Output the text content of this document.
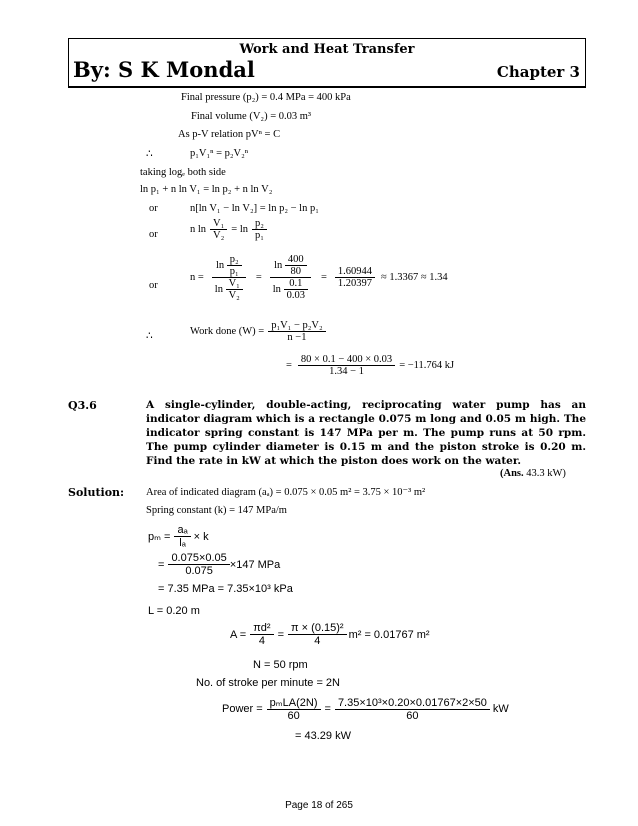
Work and Heat Transfer
By: S K Mondal	Chapter 3
Final pressure (p₂) = 0.4 MPa = 400 kPa
Final volume (V₂) = 0.03 m³
As p-V relation pVⁿ = C
∴	p₁V₁ⁿ = p₂V₂ⁿ
taking logₑ both side
ln p₁ + n ln V₁ = ln p₂ + n ln V₂
or	n[ln V₁ − ln V₂] = ln p₂ − ln p₁
or	n $\ln \frac{\text{V₁}}{\text{V₂}} = \ln \frac{\text{p₂}}{\text{p₁}}$
or
$n = \frac{\ln \frac{\text{p₂}}{\text{p₁}}}{\ln \frac{\text{V₁}}{\text{V₂}}} = \frac{\ln \frac{400}{80}}{\ln \frac{0.1}{0.03}} = \frac{1.60944}{1.20397} \approx 1.3367 \approx 1.34$
∴	Work done $(W) = \frac{\text{p₁V₁ − p₂V₂}}{n -1}$
= $\frac{80 \times 0.1 - 400 \times 0.03}{1.34 - 1} = -11.764$ kJ
Q3.6	A single-cylinder, double-acting, reciprocating water pump has an indicator diagram which is a rectangle 0.075 m long and 0.05 m high. The indicator spring constant is 147 MPa per m. The pump runs at 50 rpm. The pump cylinder diameter is 0.15 m and the piston stroke is 0.20 m. Find the rate in kW at which the piston does work on the water.
(Ans. 43.3 kW)
Solution: Area of indicated diagram (aₐ) = 0.075 × 0.05 m² = 3.75 × 10⁻³ m²
Spring constant (k) = 147 MPa/m
$p_m = \frac{\text{aₐ}}{\text{lₐ}} \times k$
= $\frac{0.075\times 0.05}{0.075} \times 147$ MPa
= 7.35 MPa = 7.35×10³ kPa
L = 0.20 m
$A = \frac{\text{πd²}}{4} = \frac{\text{π × (0.15)²}}{4} m^2 = 0.01767$ m²
N = 50 rpm
No. of stroke per minute = 2N
Power = $\frac{\text{pₘLA(2N)}}{60} = \frac{\text{7.35×10³×0.20×0.01767×2×50}}{60}$ kW
= 43.29 kW
Page 18 of 265
